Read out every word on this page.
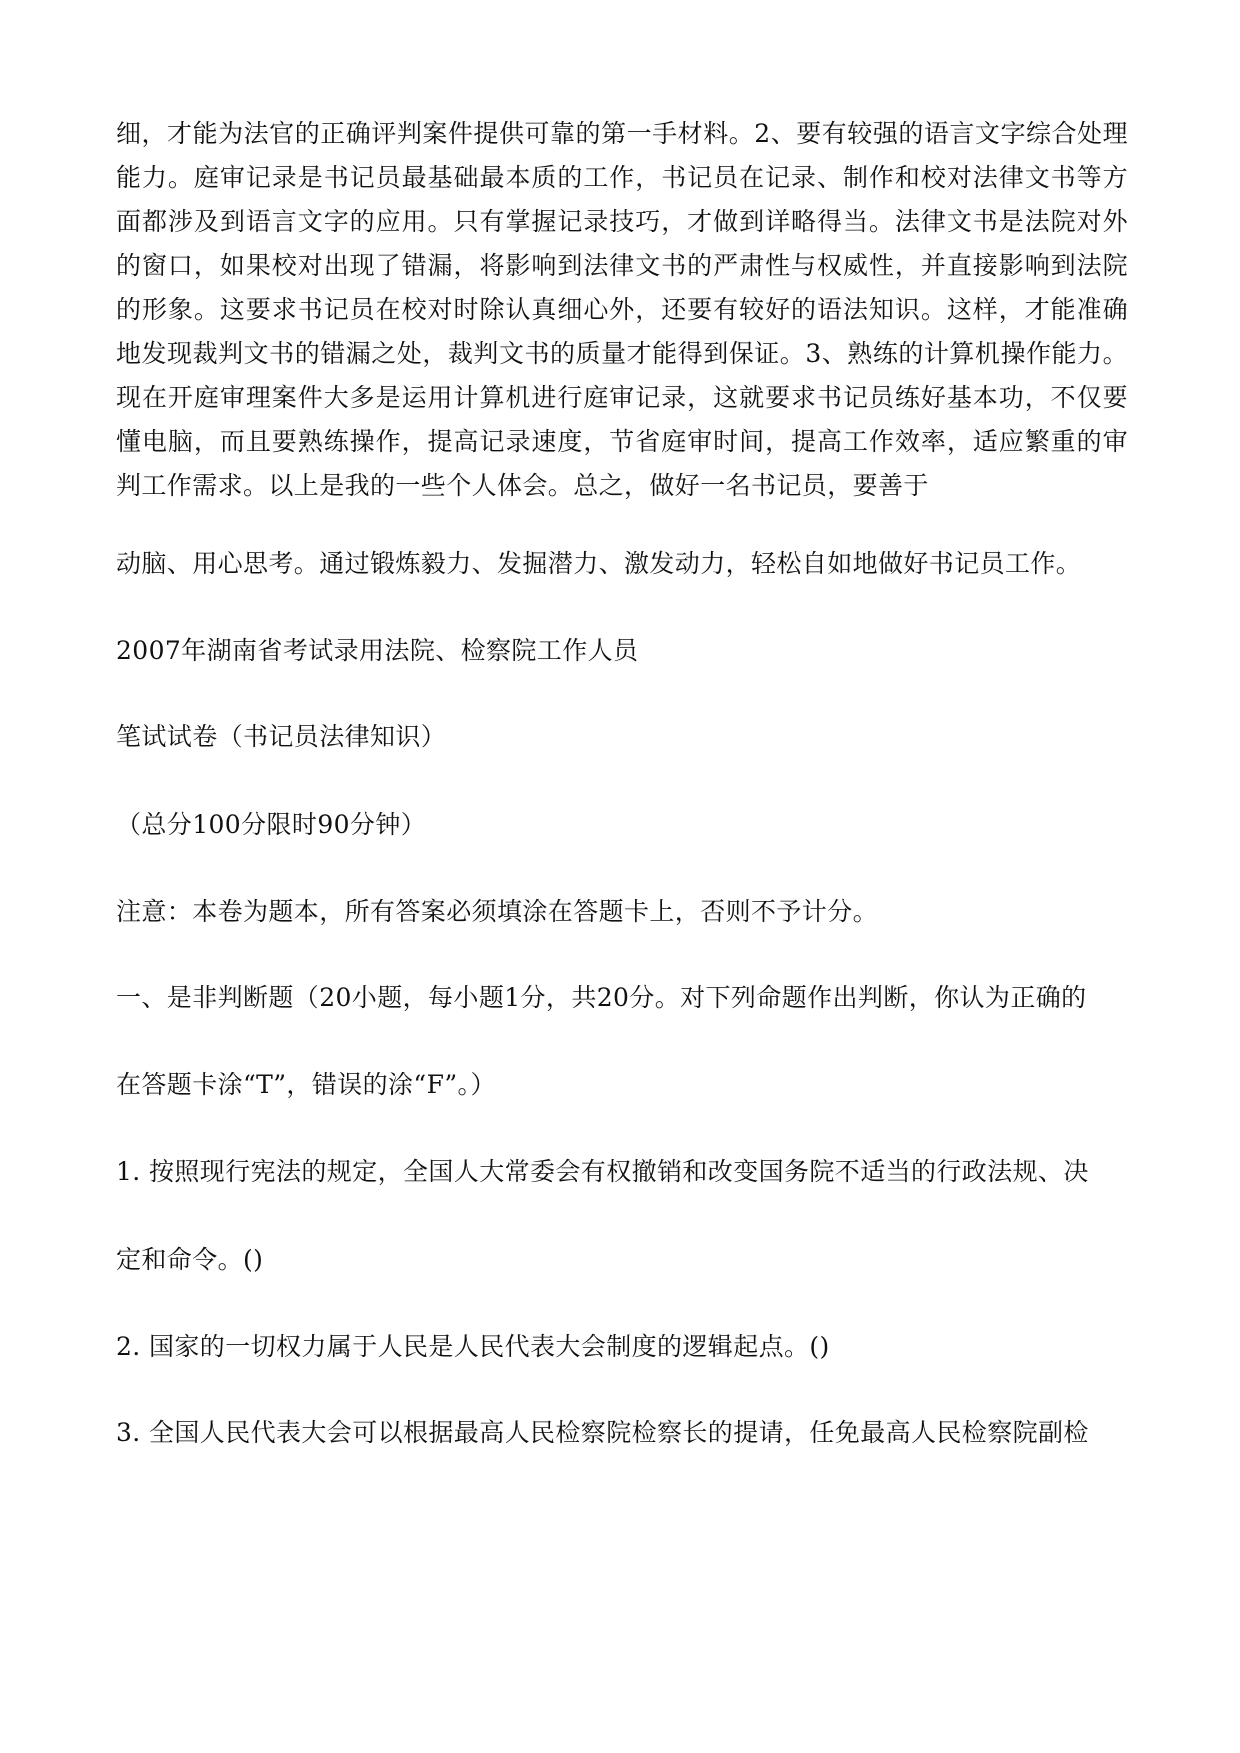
细，才能为法官的正确评判案件提供可靠的第一手材料。2、要有较强的语言文字综合处理能力。庭审记录是书记员最基础最本质的工作，书记员在记录、制作和校对法律文书等方面都涉及到语言文字的应用。只有掌握记录技巧，才做到详略得当。法律文书是法院对外的窗口，如果校对出现了错漏，将影响到法律文书的严肃性与权威性，并直接影响到法院的形象。这要求书记员在校对时除认真细心外，还要有较好的语法知识。这样，才能准确地发现裁判文书的错漏之处，裁判文书的质量才能得到保证。3、熟练的计算机操作能力。现在开庭审理案件大多是运用计算机进行庭审记录，这就要求书记员练好基本功，不仅要懂电脑，而且要熟练操作，提高记录速度，节省庭审时间，提高工作效率，适应繁重的审判工作需求。以上是我的一些个人体会。总之，做好一名书记员，要善于

动脑、用心思考。通过锻炼毅力、发掘潜力、激发动力，轻松自如地做好书记员工作。

2007年湖南省考试录用法院、检察院工作人员

笔试试卷（书记员法律知识）

（总分100分限时90分钟）

注意：本卷为题本，所有答案必须填涂在答题卡上，否则不予计分。

一、是非判断题（20小题，每小题1分，共20分。对下列命题作出判断，你认为正确的

在答题卡涂“T”，错误的涂“F”。）

1. 按照现行宪法的规定，全国人大常委会有权撤销和改变国务院不适当的行政法规、决

定和命令。()

2. 国家的一切权力属于人民是人民代表大会制度的逻辑起点。()

3. 全国人民代表大会可以根据最高人民检察院检察长的提请，任免最高人民检察院副检
